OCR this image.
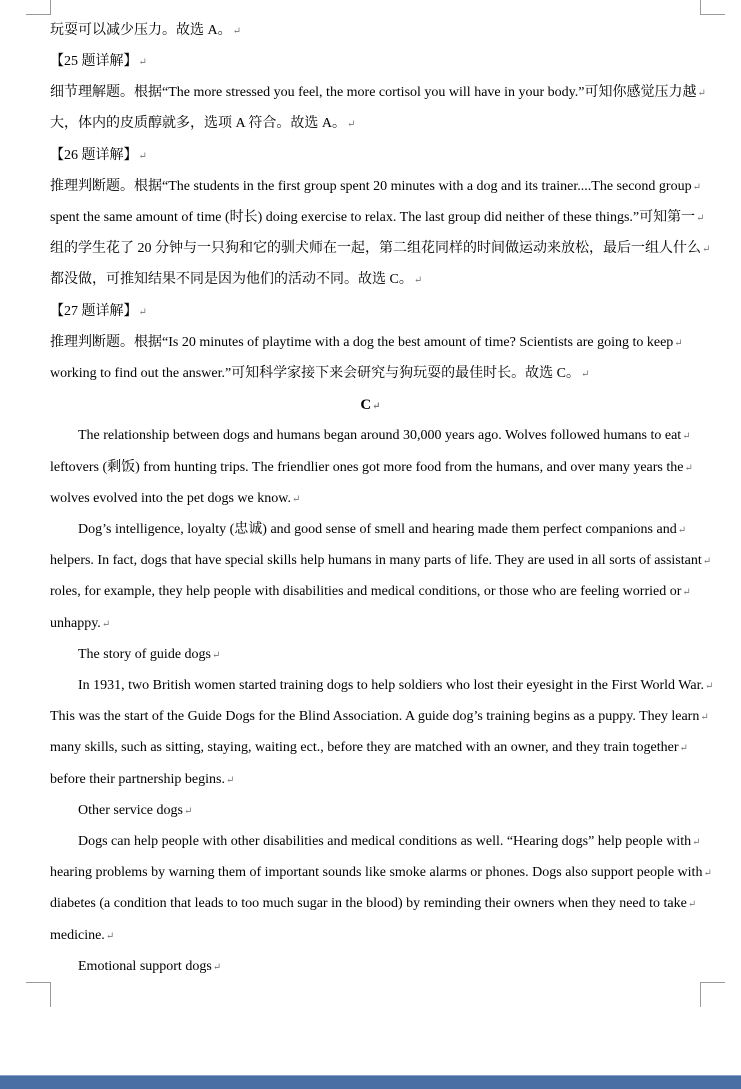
玩耍可以减少压力。故选 A。↵
【25 题详解】↵
细节理解题。根据“The more stressed you feel, the more cortisol you will have in your body.”可知你感觉压力越↵
大，体内的皮质醇就多，选项 A 符合。故选 A。↵
【26 题详解】↵
推理判断题。根据“The students in the first group spent 20 minutes with a dog and its trainer....The second group↵
spent the same amount of time (时长) doing exercise to relax. The last group did neither of these things.”可知第一↵
组的学生花了 20 分钟与一只狗和它的驯犬师在一起，第二组花同样的时间做运动来放松，最后一组人什么↵
都没做，可推知结果不同是因为他们的活动不同。故选 C。↵
【27 题详解】↵
推理判断题。根据“Is 20 minutes of playtime with a dog the best amount of time? Scientists are going to keep↵
working to find out the answer.”可知科学家接下来会研究与狗玩耍的最佳时长。故选 C。↵
C↵
The relationship between dogs and humans began around 30,000 years ago. Wolves followed humans to eat↵
leftovers (剩饭) from hunting trips. The friendlier ones got more food from the humans, and over many years the↵
wolves evolved into the pet dogs we know.↵
Dog’s intelligence, loyalty (忠诚) and good sense of smell and hearing made them perfect companions and↵
helpers. In fact, dogs that have special skills help humans in many parts of life. They are used in all sorts of assistant↵
roles, for example, they help people with disabilities and medical conditions, or those who are feeling worried or↵
unhappy.↵
The story of guide dogs↵
In 1931, two British women started training dogs to help soldiers who lost their eyesight in the First World War.↵
This was the start of the Guide Dogs for the Blind Association. A guide dog’s training begins as a puppy. They learn↵
many skills, such as sitting, staying, waiting ect., before they are matched with an owner, and they train together↵
before their partnership begins.↵
Other service dogs↵
Dogs can help people with other disabilities and medical conditions as well. “Hearing dogs” help people with↵
hearing problems by warning them of important sounds like smoke alarms or phones. Dogs also support people with↵
diabetes (a condition that leads to too much sugar in the blood) by reminding their owners when they need to take↵
medicine.↵
Emotional support dogs↵
